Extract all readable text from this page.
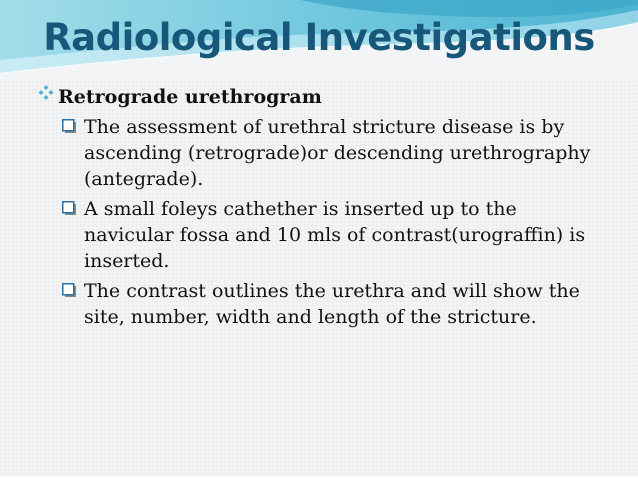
Radiological Investigations
Retrograde urethrogram
The assessment of urethral stricture disease is by ascending (retrograde)or descending urethrography (antegrade).
A small foleys cathether is inserted up to the navicular fossa and 10 mls of contrast(urograffin) is inserted.
The contrast outlines the urethra and will show the site, number, width and length of the stricture.
